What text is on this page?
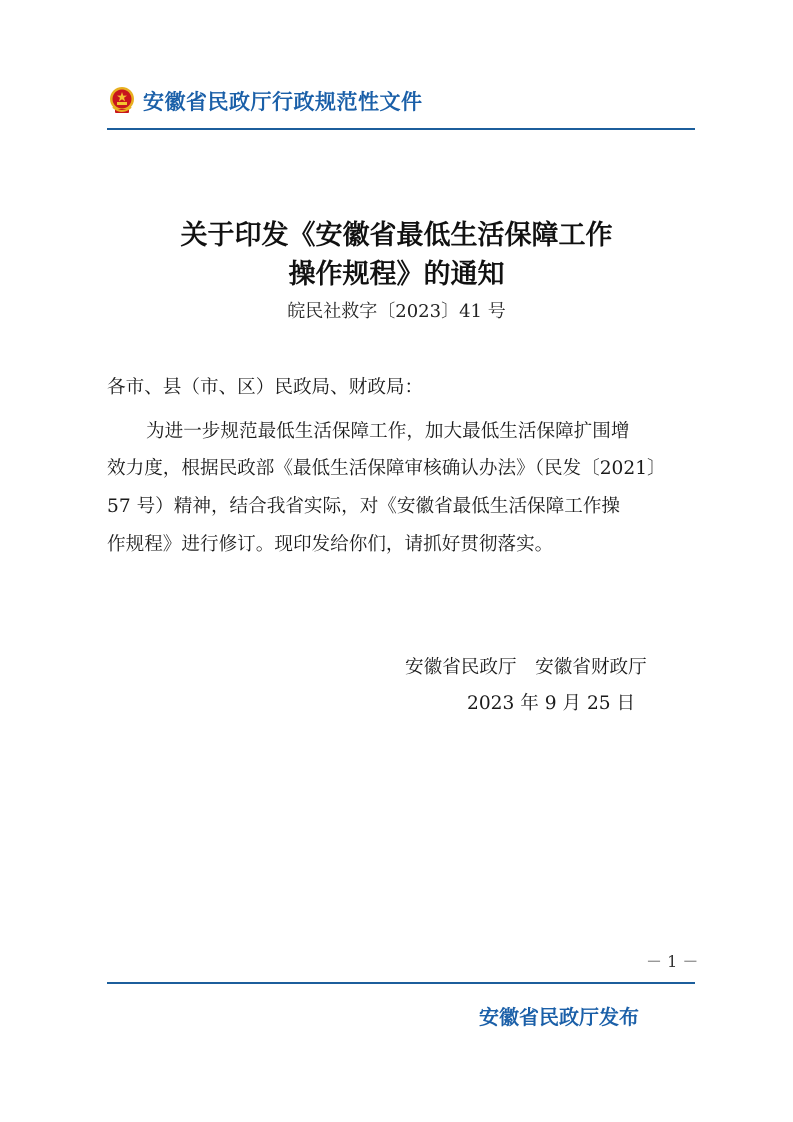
安徽省民政厅行政规范性文件
关于印发《安徽省最低生活保障工作
操作规程》的通知
皖民社救字〔2023〕41 号
各市、县（市、区）民政局、财政局：
为进一步规范最低生活保障工作，加大最低生活保障扩围增
效力度，根据民政部《最低生活保障审核确认办法》（民发〔2021〕
57 号）精神，结合我省实际，对《安徽省最低生活保障工作操
作规程》进行修订。现印发给你们，请抓好贯彻落实。
安徽省民政厅　安徽省财政厅
2023 年 9 月 25 日
－ 1 －
安徽省民政厅发布
